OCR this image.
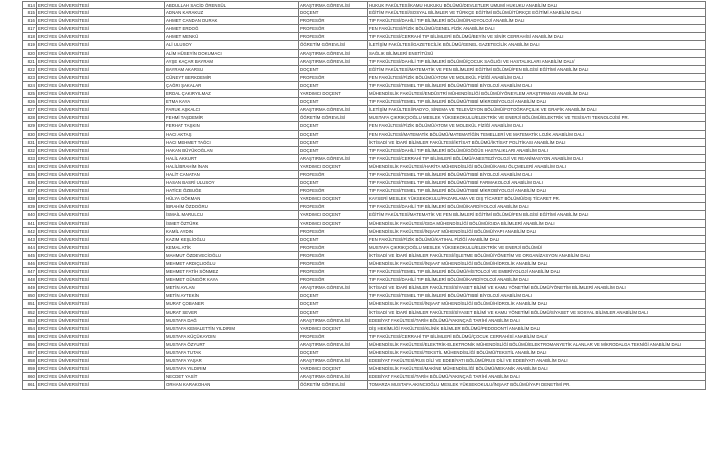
814 ERCİYES ÜNİVERSİTESİ	ABDULLAH SACİD ÖRENSÜL	ARAŞTIRMA GÖREVLİSİ	HUKUK FAKÜLTESİ/KAMU HUKUKU BÖLÜMÜ/DEVLETLER UMUMİ HUKUKU ANABİLİM DALI
815 ERCİYES ÜNİVERSİTESİ	ADNAN KARAKUZ	DOÇENT	EĞİTİM FAKÜLTESİ/SOSYAL BİLİMLER VE TÜRKÇE EĞİTİMİ BÖLÜMÜ/TÜRKÇE EĞİTİMİ ANABİLİM DALI
816 ERCİYES ÜNİVERSİTESİ	AHMET CANDAN DURAK	PROFESÖR	TIP FAKÜLTESİ/DAHİLİ TIP BİLİMLERİ BÖLÜMÜ/RADYOLOJİ ANABİLİM DALI
817 ERCİYES ÜNİVERSİTESİ	AHMET ERDOĞ	PROFESÖR	FEN FAKÜLTESİ/FİZİK BÖLÜMÜ/GENEL FİZİK ANABİLİM DALI
818 ERCİYES ÜNİVERSİTESİ	AHMET MENKÜ	PROFESÖR	TIP FAKÜLTESİ/CERRAHİ TIP BİLİMLERİ BÖLÜMÜ/BEYİN VE SİNİR CERRAHİSİ ANABİLİM DALI
819 ERCİYES ÜNİVERSİTESİ	ALİ ULUSOY	ÖĞRETİM GÖREVLİSİ	İLETİŞİM FAKÜLTESİ/GAZETECİLİK BÖLÜMÜ/GENEL GAZETECİLİK ANABİLİM DALI
820 ERCİYES ÜNİVERSİTESİ	ALİM HÜSEYİN DOKUMACI	ARAŞTIRMA GÖREVLİSİ	SAĞLIK BİLİMLERİ ENSTİTÜSÜ
821 ERCİYES ÜNİVERSİTESİ	AYŞE KAÇAR BAYRAM	ARAŞTIRMA GÖREVLİSİ	TIP FAKÜLTESİ/DAHİLİ TIP BİLİMLERİ BÖLÜMÜ/ÇOCUK SAĞLIĞI VE HASTALIKLARI ANABİLİM DALI/
822 ERCİYES ÜNİVERSİTESİ	BAYRAM AKARSU	DOÇENT	EĞİTİM FAKÜLTESİ/MATEMATİK VE FEN BİLİMLERİ EĞİTİMİ BÖLÜMÜ/FEN BİLGİSİ EĞİTİMİ ANABİLİM DALI
823 ERCİYES ÜNİVERSİTESİ	CÜNEYT BERKDEMİR	PROFESÖR	FEN FAKÜLTESİ/FİZİK BÖLÜMÜ/ATOM VE MOLEKÜL FİZİĞİ ANABİLİM DALI
824 ERCİYES ÜNİVERSİTESİ	ÇAĞRI ŞAKALAR	DOÇENT	TIP FAKÜLTESİ/TEMEL TIP BİLİMLERİ BÖLÜMÜ/TIBBİ BİYOLOJİ ANABİLİM DALI
825 ERCİYES ÜNİVERSİTESİ	ERDAL ÇAKIRYILMAZ	YARDIMCI DOÇENT	MÜHENDİSLİK FAKÜLTESİ/ENDÜSTRİ MÜHENDİSLİĞİ BÖLÜMÜ/YÖNEYLEM ARAŞTIRMASI ANABİLİM DALI
826 ERCİYES ÜNİVERSİTESİ	ETMA KAYA	DOÇENT	TIP FAKÜLTESİ/TEMEL TIP BİLİMLERİ BÖLÜMÜ/TIBBİ MİKROBİYOLOJİ ANABİLİM DALI
827 ERCİYES ÜNİVERSİTESİ	FARUK AŞKALCI	ARAŞTIRMA GÖREVLİSİ	İLETİŞİM FAKÜLTESİ/RADYO, SİNEMA VE TELEVİZYON BÖLÜMÜ/FOTOĞRAFÇILIK VE GRAFİK ANABİLİM DALI
828 ERCİYES ÜNİVERSİTESİ	FEHMİ TAŞDEMİR	ÖĞRETİM GÖREVLİSİ	MUSTAFA ÇIKRIKÇIOĞLU MESLEK YÜKSEKOKULU/ELEKTRİK VE ENERJİ BÖLÜMÜ/ELEKTRİK VE TESİSATI TEKNOLOJİSİ PR.
829 ERCİYES ÜNİVERSİTESİ	FERHAT TAŞKIN	DOÇENT	FEN FAKÜLTESİ/FİZİK BÖLÜMÜ/ATOM VE MOLEKÜL FİZİĞİ ANABİLİM DALI
830 ERCİYES ÜNİVERSİTESİ	HACI AKTAŞ	DOÇENT	FEN FAKÜLTESİ/MATEMATİK BÖLÜMÜ/MATEMATİĞİN TEMELLERİ VE MATEMATİK LOJİK ANABİLİM DALI
831 ERCİYES ÜNİVERSİTESİ	HACI MEHMET TAĞCI	DOÇENT	İKTİSADİ VE İDARİ BİLİMLER FAKÜLTESİ/İKTİSAT BÖLÜMÜ/İKTİSAT POLİTİKASI ANABİLİM DALI
832 ERCİYES ÜNİVERSİTESİ	HAKAN BÜYÜKOĞLAN	DOÇENT	TIP FAKÜLTESİ/DAHİLİ TIP BİLİMLERİ BÖLÜMÜ/GÖĞÜS HASTALIKLARI ANABİLİM DALI
833 ERCİYES ÜNİVERSİTESİ	HALİL AKKURT	ARAŞTIRMA GÖREVLİSİ	TIP FAKÜLTESİ/CERRAHİ TIP BİLİMLERİ BÖLÜMÜ/ANESTEZİYOLOJİ VE REANİMASYON ANABİLİM DALI
834 ERCİYES ÜNİVERSİTESİ	HALİLİBRAHİM İNAN	YARDIMCI DOÇENT	MÜHENDİSLİK FAKÜLTESİ/HARİTA MÜHENDİSLİĞİ BÖLÜMÜ/KAMU ÖLÇMELERİ ANABİLİM DALI
835 ERCİYES ÜNİVERSİTESİ	HALİT CANATAN	PROFESÖR	TIP FAKÜLTESİ/TEMEL TIP BİLİMLERİ BÖLÜMÜ/TIBBİ BİYOLOJİ ANABİLİM DALI
836 ERCİYES ÜNİVERSİTESİ	HASAN BASRİ ULUSOY	DOÇENT	TIP FAKÜLTESİ/TEMEL TIP BİLİMLERİ BÖLÜMÜ/TIBBİ FARMAKOLOJİ ANABİLİM DALI
837 ERCİYES ÜNİVERSİTESİ	HATİCE ÖZBUĞE	PROFESÖR	TIP FAKÜLTESİ/TEMEL TIP BİLİMLERİ BÖLÜMÜ/TIBBİ MİKROBİYOLOJİ ANABİLİM DALI
838 ERCİYES ÜNİVERSİTESİ	HÜLYA GÖKMAN	YARDIMCI DOÇENT	KAYSERİ MESLEK YÜKSEKOKULU/PAZARLAMA VE DIŞ TİCARET BÖLÜMÜ/DIŞ TİCARET PR.
839 ERCİYES ÜNİVERSİTESİ	İBRAHİM ÖZDOĞRU	PROFESÖR	TIP FAKÜLTESİ/DAHİLİ TIP BİLİMLERİ BÖLÜMÜ/KARDİYOLOJİ ANABİLİM DALI
840 ERCİYES ÜNİVERSİTESİ	İSMAİL MARULCU	YARDIMCI DOÇENT	EĞİTİM FAKÜLTESİ/MATEMATİK VE FEN BİLİMLERİ EĞİTİMİ BÖLÜMÜ/FEN BİLGİSİ EĞİTİMİ ANABİLİM DALI
841 ERCİYES ÜNİVERSİTESİ	İSMET ÖZTÜRK	YARDIMCI DOÇENT	MÜHENDİSLİK FAKÜLTESİ/GIDA MÜHENDİSLİĞİ BÖLÜMÜ/GIDA BİLİMLERİ ANABİLİM DALI
842 ERCİYES ÜNİVERSİTESİ	KAMİL AYDIN	PROFESÖR	MÜHENDİSLİK FAKÜLTESİ/İNŞAAT MÜHENDİSLİĞİ BÖLÜMÜ/YAPI ANABİLİM DALI
843 ERCİYES ÜNİVERSİTESİ	KAZIM KEŞLİOĞLU	DOÇENT	FEN FAKÜLTESİ/FİZİK BÖLÜMÜ/KATIHAL FİZİĞİ ANABİLİM DALI
844 ERCİYES ÜNİVERSİTESİ	KEMAL ATİK	PROFESÖR	MUSTAFA ÇIKRIKÇIOĞLU MESLEK YÜKSEKOKULU/ELEKTRİK VE ENERJİ BÖLÜMÜ/
845 ERCİYES ÜNİVERSİTESİ	MAHMUT ÖZDEVECİOĞLU	PROFESÖR	İKTİSADİ VE İDARİ BİLİMLER FAKÜLTESİ/İŞLETME BÖLÜMÜ/YÖNETİM VE ORGANİZASYON ANABİLİM DALI
846 ERCİYES ÜNİVERSİTESİ	MEHMET ARDIÇLIOĞLU	PROFESÖR	MÜHENDİSLİK FAKÜLTESİ/İNŞAAT MÜHENDİSLİĞİ BÖLÜMÜ/HİDROLİK ANABİLİM DALI
847 ERCİYES ÜNİVERSİTESİ	MEHMET FATİH SÖNMEZ	PROFESÖR	TIP FAKÜLTESİ/TEMEL TIP BİLİMLERİ BÖLÜMÜ/HİSTOLOJİ VE EMBRİYOLOJİ ANABİLİM DALI
848 ERCİYES ÜNİVERSİTESİ	MEHMET GÜNGÖR KAYA	PROFESÖR	TIP FAKÜLTESİ/DAHİLİ TIP BİLİMLERİ BÖLÜMÜ/KARDİYOLOJİ ANABİLİM DALI
849 ERCİYES ÜNİVERSİTESİ	METİN AYLAN	ARAŞTIRMA GÖREVLİSİ	İKTİSADİ VE İDARİ BİLİMLER FAKÜLTESİ/SİYASET BİLİMİ VE KAMU YÖNETİMİ BÖLÜMÜ/YÖNETİM BİLİMLERİ ANABİLİM DALI
850 ERCİYES ÜNİVERSİTESİ	METİN AYTEKİN	DOÇENT	TIP FAKÜLTESİ/TEMEL TIP BİLİMLERİ BÖLÜMÜ/TIBBİ BİYOLOJİ ANABİLİM DALI
851 ERCİYES ÜNİVERSİTESİ	MURAT ÇOBANER	DOÇENT	MÜHENDİSLİK FAKÜLTESİ/İNŞAAT MÜHENDİSLİĞİ BÖLÜMÜ/HİDROLİK ANABİLİM DALI
852 ERCİYES ÜNİVERSİTESİ	MURAT SEVER	DOÇENT	İKTİSADİ VE İDARİ BİLİMLER FAKÜLTESİ/SİYASET BİLİMİ VE KAMU YÖNETİMİ BÖLÜMÜ/SİYASET VE SOSYAL BİLİMLER ANABİLİM DALI
853 ERCİYES ÜNİVERSİTESİ	MUSTAFA DAĞ	ARAŞTIRMA GÖREVLİSİ	EDEBİYAT FAKÜLTESİ/TARİH BÖLÜMÜ/YAKINÇAĞ TARİHİ ANABİLİM DALI
854 ERCİYES ÜNİVERSİTESİ	MUSTAFA KEMALETTİN YILDIRIM	YARDIMCI DOÇENT	DİŞ HEKİMLİĞİ FAKÜLTESİ/KLİNİK BİLİMLER BÖLÜMÜ/PEDODONTİ ANABİLİM DALI
855 ERCİYES ÜNİVERSİTESİ	MUSTAFA KÜÇÜKAYDIN	PROFESÖR	TIP FAKÜLTESİ/CERRAHİ TIP BİLİMLERİ BÖLÜMÜ/ÇOCUK CERRAHİSİ ANABİLİM DALI/
856 ERCİYES ÜNİVERSİTESİ	MUSTAFA ÖZYURT	ARAŞTIRMA GÖREVLİSİ	MÜHENDİSLİK FAKÜLTESİ/ELEKTRİK-ELEKTRONİK MÜHENDİSLİĞİ BÖLÜMÜ/ELEKTROMANYETİK ALANLAR VE MİKRODALGA TEKNİĞİ ANABİLİM DALI
857 ERCİYES ÜNİVERSİTESİ	MUSTAFA TUTAK	DOÇENT	MÜHENDİSLİK FAKÜLTESİ/TEKSTİL MÜHENDİSLİĞİ BÖLÜMÜ/TEKSTİL ANABİLİM DALI
858 ERCİYES ÜNİVERSİTESİ	MUSTAFA YAŞAR	ARAŞTIRMA GÖREVLİSİ	EDEBİYAT FAKÜLTESİ/RUS DİLİ VE EDEBİYATI BÖLÜMÜ/RUS DİLİ VE EDEBİYATI ANABİLİM DALI
859 ERCİYES ÜNİVERSİTESİ	MUSTAFA YILDIRIM	YARDIMCI DOÇENT	MÜHENDİSLİK FAKÜLTESİ/MAKİNE MÜHENDİSLİĞİ BÖLÜMÜ/MEKANİK ANABİLİM DALI
860 ERCİYES ÜNİVERSİTESİ	NECDET YASİT	ARAŞTIRMA GÖREVLİSİ	EDEBİYAT FAKÜLTESİ/TARİH BÖLÜMÜ/YAKINÇAĞ TARİHİ ANABİLİM DALI
861 ERCİYES ÜNİVERSİTESİ	ORHAN KARAKOHAN	ÖĞRETİM GÖREVLİSİ	TOMARZA MUSTAFA AKINCIOĞLU MESLEK YÜKSEKOKULU/İNŞAAT BÖLÜMÜ/YAPI DENETİMİ PR.
